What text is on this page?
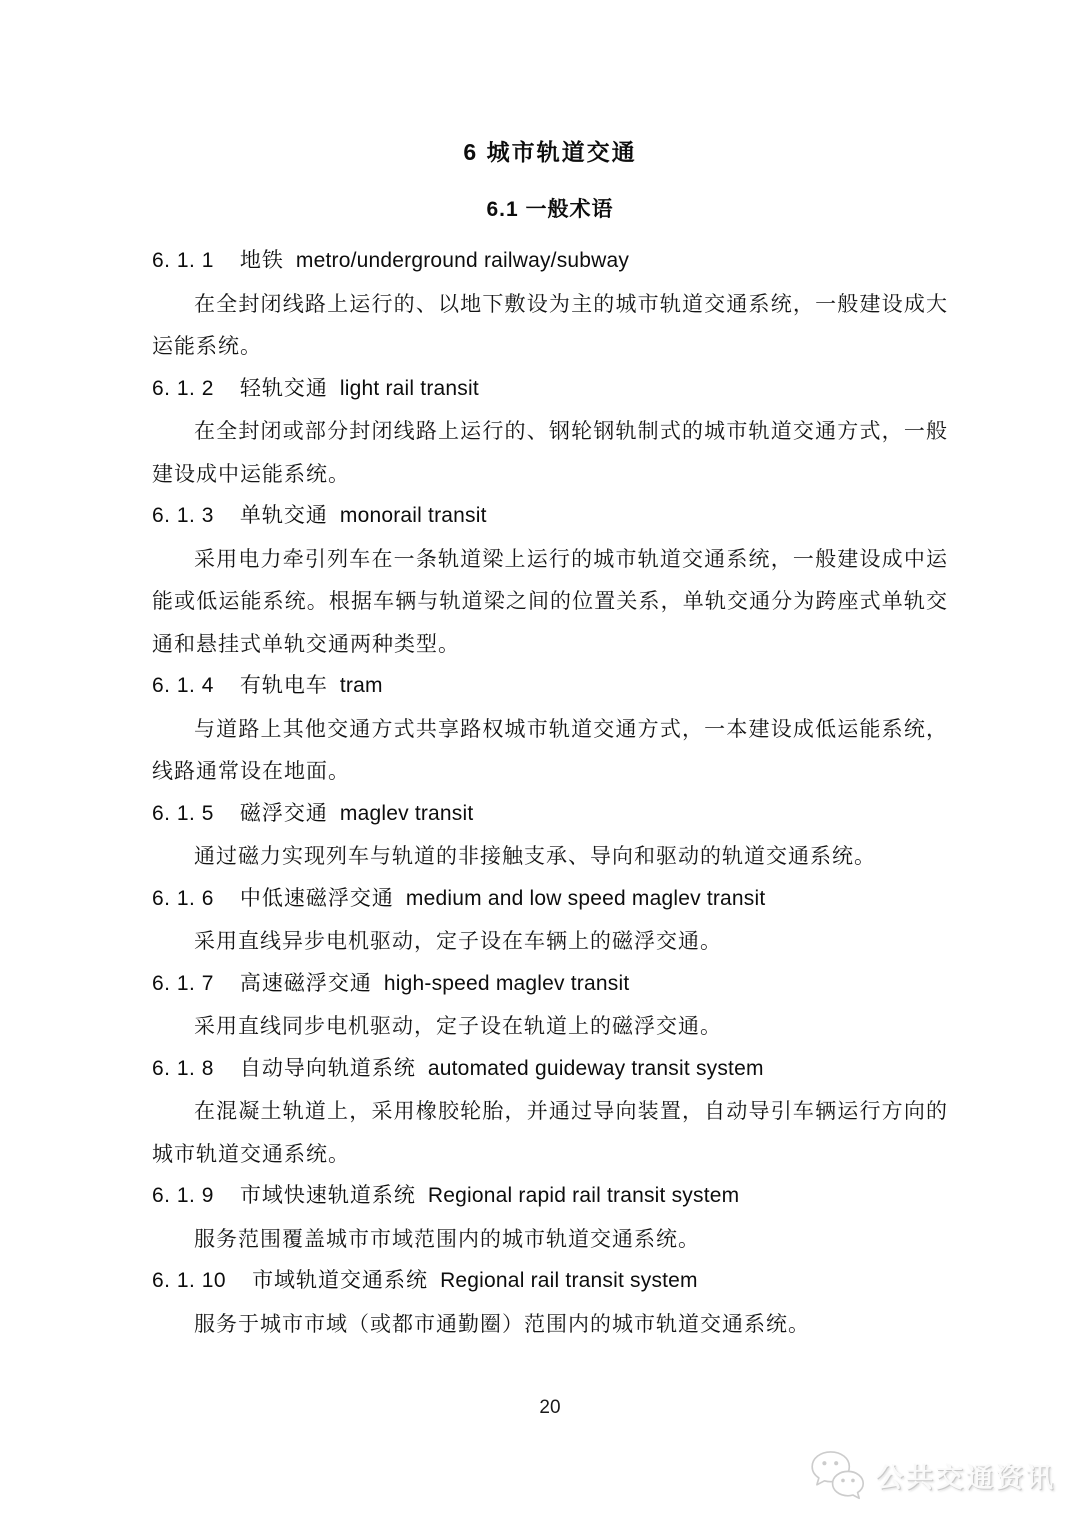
6 城市轨道交通
6.1 一般术语
6. 1. 1 地铁 metro/underground railway/subway

在全封闭线路上运行的、以地下敷设为主的城市轨道交通系统，一般建设成大运能系统。

6. 1. 2 轻轨交通 light rail transit

在全封闭或部分封闭线路上运行的、钢轮钢轨制式的城市轨道交通方式，一般建设成中运能系统。

6. 1. 3 单轨交通 monorail transit

采用电力牵引列车在一条轨道梁上运行的城市轨道交通系统，一般建设成中运能或低运能系统。根据车辆与轨道梁之间的位置关系，单轨交通分为跨座式单轨交通和悬挂式单轨交通两种类型。

6. 1. 4 有轨电车 tram

与道路上其他交通方式共享路权城市轨道交通方式，一本建设成低运能系统，线路通常设在地面。

6. 1. 5 磁浮交通 maglev transit

通过磁力实现列车与轨道的非接触支承、导向和驱动的轨道交通系统。

6. 1. 6 中低速磁浮交通 medium and low speed maglev transit

采用直线异步电机驱动，定子设在车辆上的磁浮交通。

6. 1. 7 高速磁浮交通 high-speed maglev transit

采用直线同步电机驱动，定子设在轨道上的磁浮交通。

6. 1. 8 自动导向轨道系统 automated guideway transit system

在混凝土轨道上，采用橡胶轮胎，并通过导向装置，自动导引车辆运行方向的城市轨道交通系统。

6. 1. 9 市域快速轨道系统 Regional rapid rail transit system

服务范围覆盖城市市域范围内的城市轨道交通系统。

6. 1. 10 市域轨道交通系统 Regional rail transit system

服务于城市市域（或都市通勤圈）范围内的城市轨道交通系统。

20
公共交通资讯
